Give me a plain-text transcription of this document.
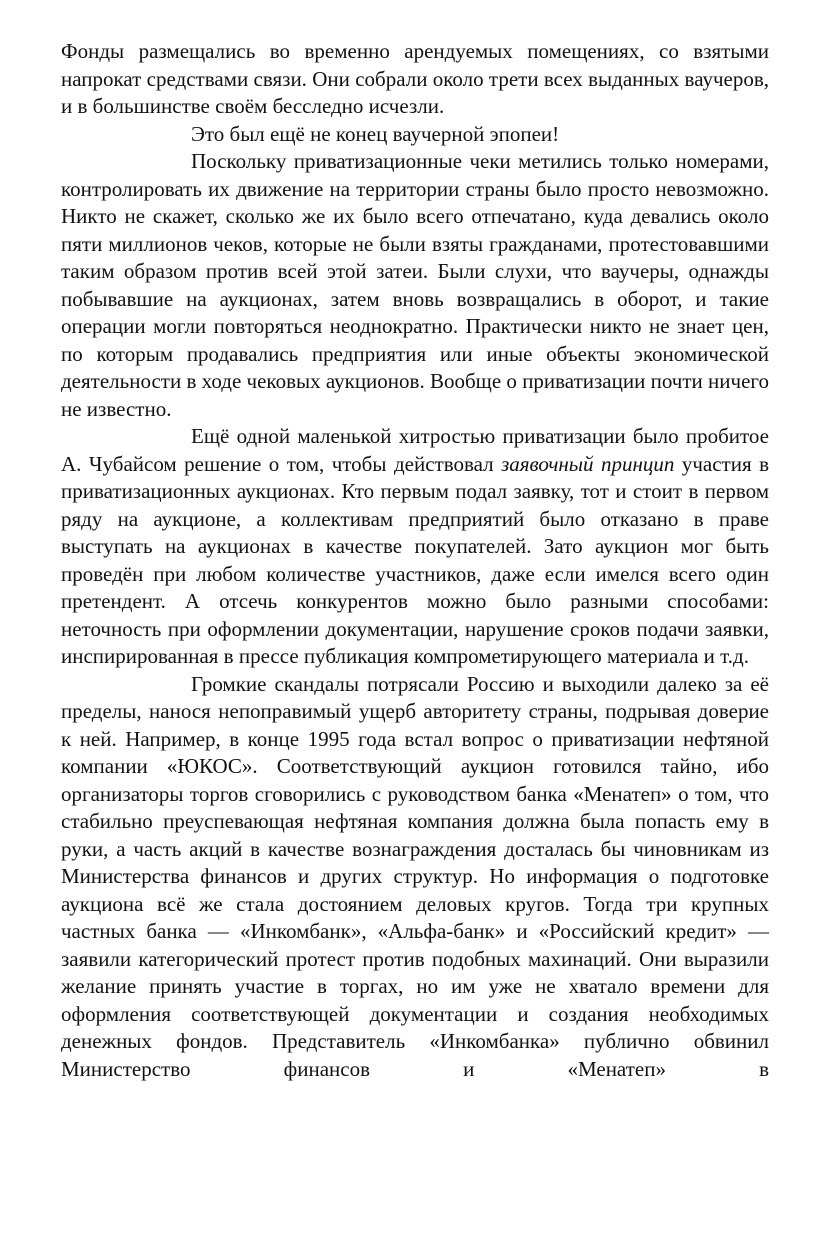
Фонды размещались во временно арендуемых помещениях, со взятыми напрокат средствами связи. Они собрали около трети всех выданных ваучеров, и в большинстве своём бесследно исчезли.

Это был ещё не конец ваучерной эпопеи!

Поскольку приватизационные чеки метились только номерами, контролировать их движение на территории страны было просто невозможно. Никто не скажет, сколько же их было всего отпечатано, куда девались около пяти миллионов чеков, которые не были взяты гражданами, протестовавшими таким образом против всей этой затеи. Были слухи, что ваучеры, однажды побывавшие на аукционах, затем вновь возвращались в оборот, и такие операции могли повторяться неоднократно. Практически никто не знает цен, по которым продавались предприятия или иные объекты экономической деятельности в ходе чековых аукционов. Вообще о приватизации почти ничего не известно.

Ещё одной маленькой хитростью приватизации было пробитое А. Чубайсом решение о том, чтобы действовал заявочный принцип участия в приватизационных аукционах. Кто первым подал заявку, тот и стоит в первом ряду на аукционе, а коллективам предприятий было отказано в праве выступать на аукционах в качестве покупателей. Зато аукцион мог быть проведён при любом количестве участников, даже если имелся всего один претендент. А отсечь конкурентов можно было разными способами: неточность при оформлении документации, нарушение сроков подачи заявки, инспирированная в прессе публикация компрометирующего материала и т.д.

Громкие скандалы потрясали Россию и выходили далеко за её пределы, нанося непоправимый ущерб авторитету страны, подрывая доверие к ней. Например, в конце 1995 года встал вопрос о приватизации нефтяной компании «ЮКОС». Соответствующий аукцион готовился тайно, ибо организаторы торгов сговорились с руководством банка «Менатеп» о том, что стабильно преуспевающая нефтяная компания должна была попасть ему в руки, а часть акций в качестве вознаграждения досталась бы чиновникам из Министерства финансов и других структур. Но информация о подготовке аукциона всё же стала достоянием деловых кругов. Тогда три крупных частных банка — «Инкомбанк», «Альфа-банк» и «Российский кредит» — заявили категорический протест против подобных махинаций. Они выразили желание принять участие в торгах, но им уже не хватало времени для оформления соответствующей документации и создания необходимых денежных фондов. Представитель «Инкомбанка» публично обвинил Министерство финансов и «Менатеп» в
